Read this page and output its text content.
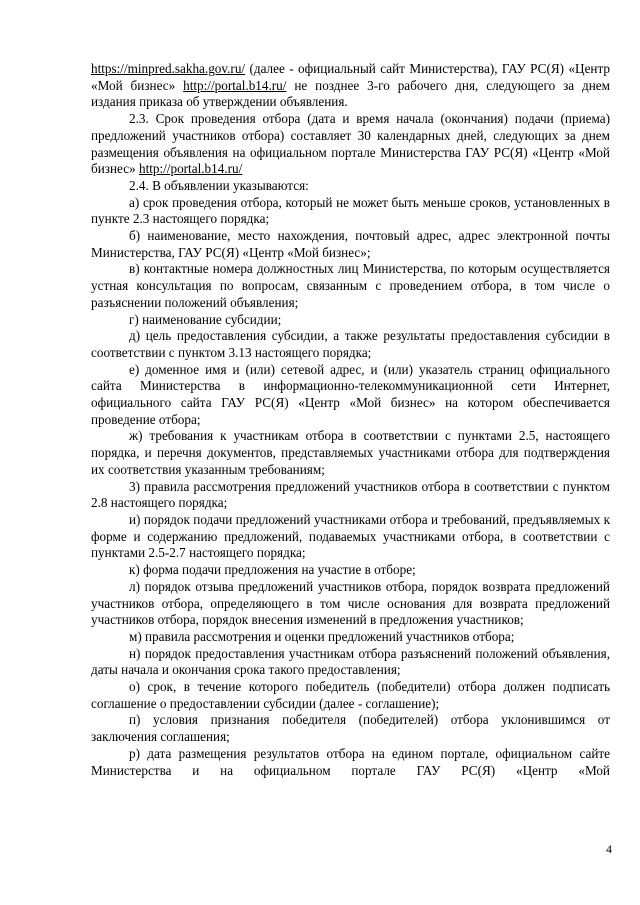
https://minpred.sakha.gov.ru/ (далее - официальный сайт Министерства), ГАУ РС(Я) «Центр «Мой бизнес» http://portal.b14.ru/ не позднее 3-го рабочего дня, следующего за днем издания приказа об утверждении объявления.

2.3. Срок проведения отбора (дата и время начала (окончания) подачи (приема) предложений участников отбора) составляет 30 календарных дней, следующих за днем размещения объявления на официальном портале Министерства ГАУ РС(Я) «Центр «Мой бизнес» http://portal.b14.ru/

2.4. В объявлении указываются:

а) срок проведения отбора, который не может быть меньше сроков, установленных в пункте 2.3 настоящего порядка;

б) наименование, место нахождения, почтовый адрес, адрес электронной почты Министерства, ГАУ РС(Я) «Центр «Мой бизнес»;

в) контактные номера должностных лиц Министерства, по которым осуществляется устная консультация по вопросам, связанным с проведением отбора, в том числе о разъяснении положений объявления;

г) наименование субсидии;

д) цель предоставления субсидии, а также результаты предоставления субсидии в соответствии с пунктом 3.13 настоящего порядка;

е) доменное имя и (или) сетевой адрес, и (или) указатель страниц официального сайта Министерства в информационно-телекоммуникационной сети Интернет, официального сайта ГАУ РС(Я) «Центр «Мой бизнес» на котором обеспечивается проведение отбора;

ж) требования к участникам отбора в соответствии с пунктами 2.5, настоящего порядка, и перечня документов, представляемых участниками отбора для подтверждения их соответствия указанным требованиям;

3) правила рассмотрения предложений участников отбора в соответствии с пунктом 2.8 настоящего порядка;

и) порядок подачи предложений участниками отбора и требований, предъявляемых к форме и содержанию предложений, подаваемых участниками отбора, в соответствии с пунктами 2.5-2.7 настоящего порядка;

к) форма подачи предложения на участие в отборе;

л) порядок отзыва предложений участников отбора, порядок возврата предложений участников отбора, определяющего в том числе основания для возврата предложений участников отбора, порядок внесения изменений в предложения участников;

м) правила рассмотрения и оценки предложений участников отбора;

н) порядок предоставления участникам отбора разъяснений положений объявления, даты начала и окончания срока такого предоставления;

о) срок, в течение которого победитель (победители) отбора должен подписать соглашение о предоставлении субсидии (далее - соглашение);

п) условия признания победителя (победителей) отбора уклонившимся от заключения соглашения;

р) дата размещения результатов отбора на едином портале, официальном сайте Министерства и на официальном портале ГАУ РС(Я) «Центр «Мой

4
